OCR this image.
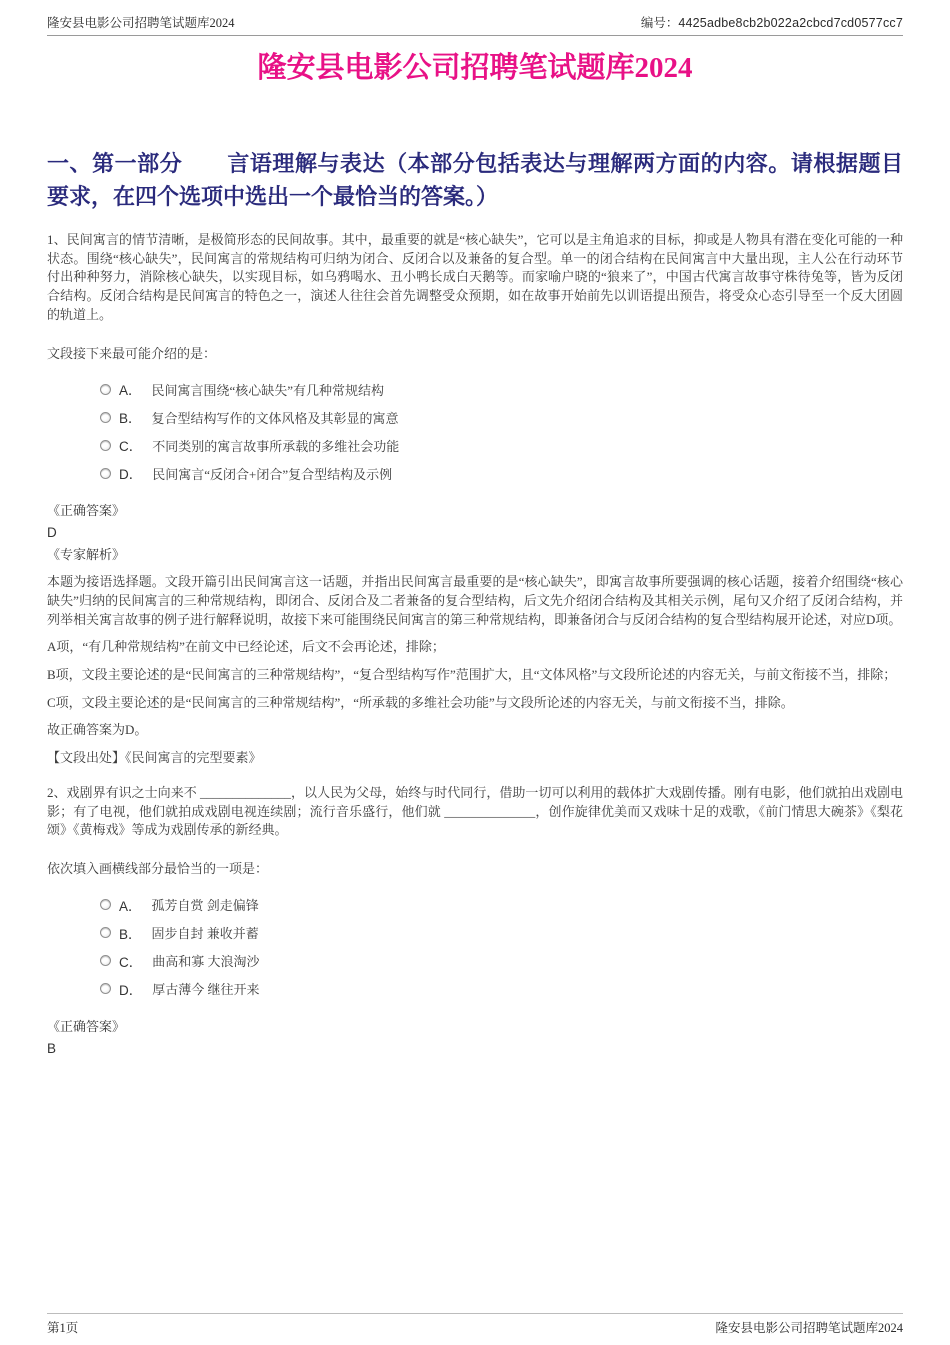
隆安县电影公司招聘笔试题库2024	编号：4425adbe8cb2b022a2cbcd7cd0577cc7
隆安县电影公司招聘笔试题库2024
一、第一部分　　言语理解与表达（本部分包括表达与理解两方面的内容。请根据题目要求，在四个选项中选出一个最恰当的答案。）

1、民间寓言的情节清晰，是极简形态的民间故事。其中，最重要的就是“核心缺失”，它可以是主角追求的目标，抑或是人物具有潜在变化可能的一种状态。围绕“核心缺失”，民间寓言的常规结构可归纳为闭合、反闭合以及兼备的复合型。单一的闭合结构在民间寓言中大量出现，主人公在行动环节付出种种努力，消除核心缺失，以实现目标，如乌鸦喝水、丑小鸭长成白天鹅等。而家喻户晓的“狼来了”，中国古代寓言故事守株待兔等，皆为反闭合结构。反闭合结构是民间寓言的特色之一，演述人往往会首先调整受众预期，如在故事开始前先以训语提出预告，将受众心态引导至一个反大团圆的轨道上。

文段接下来最可能介绍的是：

A． 民间寓言围绕“核心缺失”有几种常规结构
B． 复合型结构写作的文体风格及其彰显的寓意
C． 不同类别的寓言故事所承载的多维社会功能
D． 民间寓言“反闭合+闭合”复合型结构及示例

《正确答案》

D

《专家解析》

本题为接语选择题。文段开篇引出民间寓言这一话题，并指出民间寓言最重要的是“核心缺失”，即寓言故事所要强调的核心话题，接着介绍围绕“核心缺失”归纳的民间寓言的三种常规结构，即闭合、反闭合及二者兼备的复合型结构，后文先介绍闭合结构及其相关示例，尾句又介绍了反闭合结构，并列举相关寓言故事的例子进行解释说明，故接下来可能围绕民间寓言的第三种常规结构，即兼备闭合与反闭合结构的复合型结构展开论述，对应D项。

A项，“有几种常规结构”在前文中已经论述，后文不会再论述，排除；

B项，文段主要论述的是“民间寓言的三种常规结构”，“复合型结构写作”范围扩大，且“文体风格”与文段所论述的内容无关，与前文衔接不当，排除；

C项，文段主要论述的是“民间寓言的三种常规结构”，“所承载的多维社会功能”与文段所论述的内容无关，与前文衔接不当，排除。

故正确答案为D。

【文段出处】《民间寓言的完型要素》

2、戏剧界有识之士向来不 ______________，以人民为父母，始终与时代同行，借助一切可以利用的载体扩大戏剧传播。刚有电影，他们就拍出戏剧电影；有了电视，他们就拍成戏剧电视连续剧；流行音乐盛行，他们就 ______________，创作旋律优美而又戏味十足的戏歌，《前门情思大碗茶》《梨花颂》《黄梅戏》等成为戏剧传承的新经典。

依次填入画横线部分最恰当的一项是：

A． 孤芳自赏 剑走偏锋
B． 固步自封 兼收并蓄
C． 曲高和寡 大浪淘沙
D． 厚古薄今 继往开来

《正确答案》

B

第1页	隆安县电影公司招聘笔试题库2024
